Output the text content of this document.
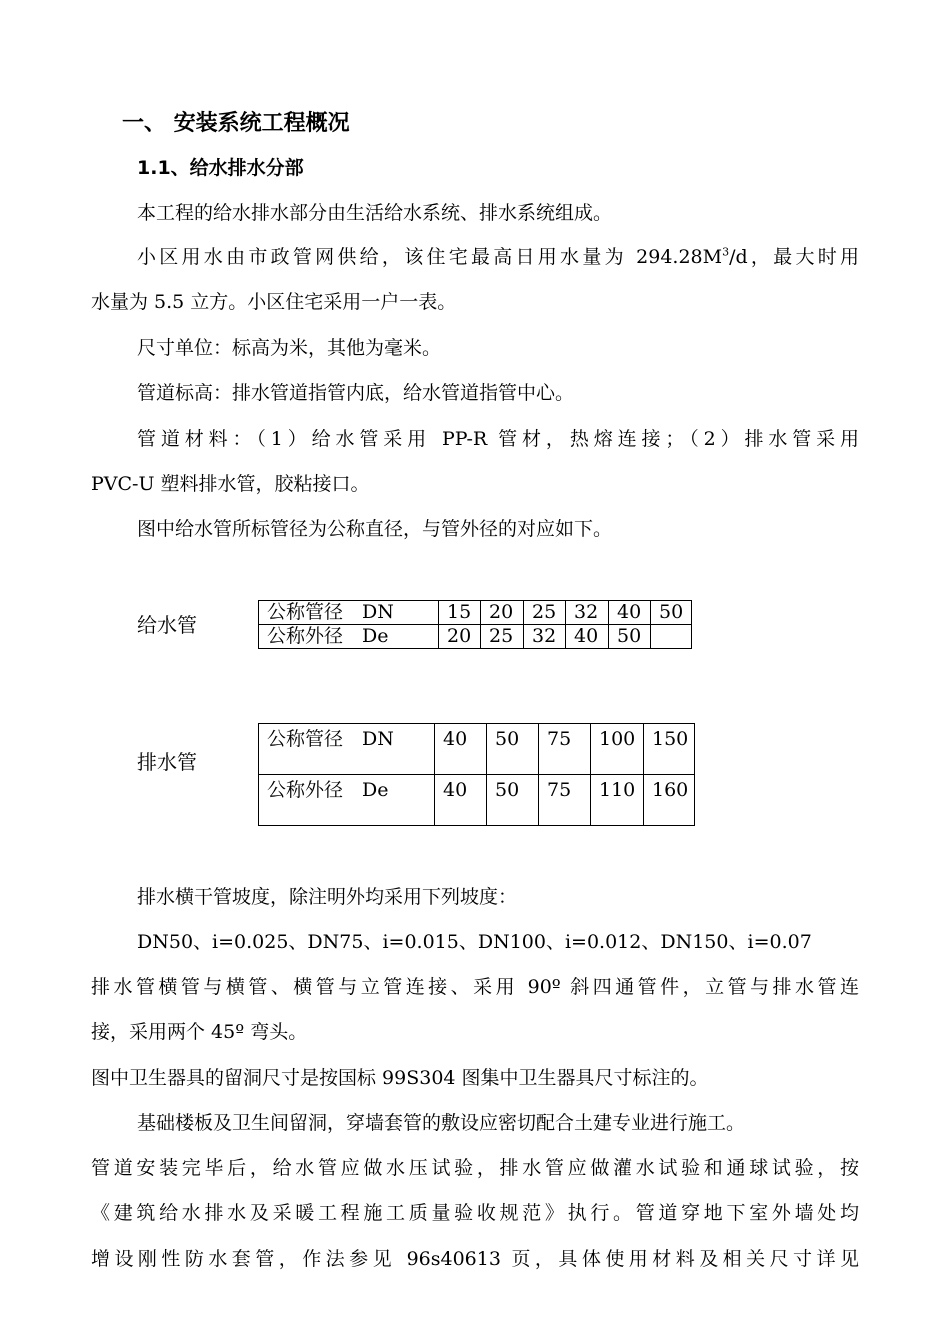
一、 安装系统工程概况
1.1、给水排水分部
本工程的给水排水部分由生活给水系统、排水系统组成。
小区用水由市政管网供给，该住宅最高日用水量为 $294.28M^3/d$，最大时用
水量为 5.5 立方。小区住宅采用一户一表。
尺寸单位：标高为米，其他为毫米。
管道标高：排水管道指管内底，给水管道指管中心。
管道材料：（1）给水管采用 PP-R 管材，热熔连接；（2）排水管采用
PVC-U 塑料排水管，胶粘接口。
图中给水管所标管径为公称直径，与管外径的对应如下。
给水管
公称管径　DN	15	20	25	32	40	50
公称外径　De	20	25	32	40	50	
排水管
公称管径　DN	40	50	75	100	150
公称外径　De	40	50	75	110	160
排水横干管坡度，除注明外均采用下列坡度：
DN50、i=0.025、DN75、i=0.015、DN100、i=0.012、DN150、i=0.07
排水管横管与横管、横管与立管连接、采用 90º 斜四通管件，立管与排水管连
接，采用两个 45º 弯头。
图中卫生器具的留洞尺寸是按国标 99S304 图集中卫生器具尺寸标注的。
基础楼板及卫生间留洞，穿墙套管的敷设应密切配合土建专业进行施工。
管道安装完毕后，给水管应做水压试验，排水管应做灌水试验和通球试验，按
《建筑给水排水及采暖工程施工质量验收规范》执行。管道穿地下室外墙处均
增设刚性防水套管，作法参见 96s40613 页，具体使用材料及相关尺寸详见
